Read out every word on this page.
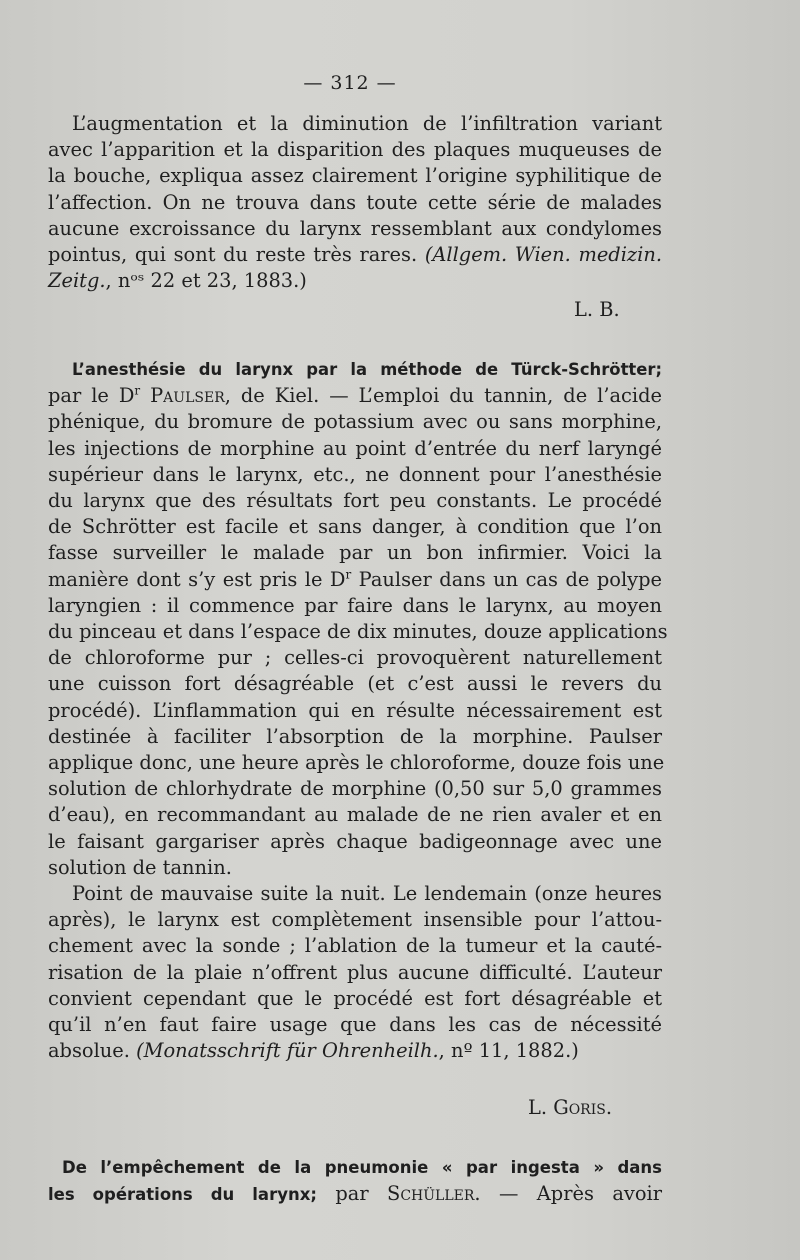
— 312 —
L’augmentation et la diminution de l’infiltration variant
avec l’apparition et la disparition des plaques muqueuses de
la bouche, expliqua assez clairement l’origine syphilitique de
l’affection. On ne trouva dans toute cette série de malades
aucune excroissance du larynx ressemblant aux condylomes
pointus, qui sont du reste très rares. (Allgem. Wien. medizin.
Zeitg., nᵒˢ 22 et 23, 1883.)
L. B.
L’anesthésie du larynx par la méthode de Türck-Schrötter;
par le $D^r$ Paulser, de Kiel. — L’emploi du tannin, de l’acide
phénique, du bromure de potassium avec ou sans morphine,
les injections de morphine au point d’entrée du nerf laryngé
supérieur dans le larynx, etc., ne donnent pour l’anesthésie
du larynx que des résultats fort peu constants. Le procédé
de Schrötter est facile et sans danger, à condition que l’on
fasse surveiller le malade par un bon infirmier. Voici la
manière dont s’y est pris le $D^r$ Paulser dans un cas de polype
laryngien : il commence par faire dans le larynx, au moyen
du pinceau et dans l’espace de dix minutes, douze applications
de chloroforme pur ; celles-ci provoquèrent naturellement
une cuisson fort désagréable (et c’est aussi le revers du
procédé). L’inflammation qui en résulte nécessairement est
destinée à faciliter l’absorption de la morphine. Paulser
applique donc, une heure après le chloroforme, douze fois une
solution de chlorhydrate de morphine (0,50 sur 5,0 grammes
d’eau), en recommandant au malade de ne rien avaler et en
le faisant gargariser après chaque badigeonnage avec une
solution de tannin.
Point de mauvaise suite la nuit. Le lendemain (onze heures
après), le larynx est complètement insensible pour l’attou-
chement avec la sonde ; l’ablation de la tumeur et la cauté-
risation de la plaie n’offrent plus aucune difficulté. L’auteur
convient cependant que le procédé est fort désagréable et
qu’il n’en faut faire usage que dans les cas de nécessité
absolue. (Monatsschrift für Ohrenheilh., nº 11, 1882.)
L. Goris.
De l’empêchement de la pneumonie « par ingesta » dans
les opérations du larynx; par Schüller. — Après avoir
